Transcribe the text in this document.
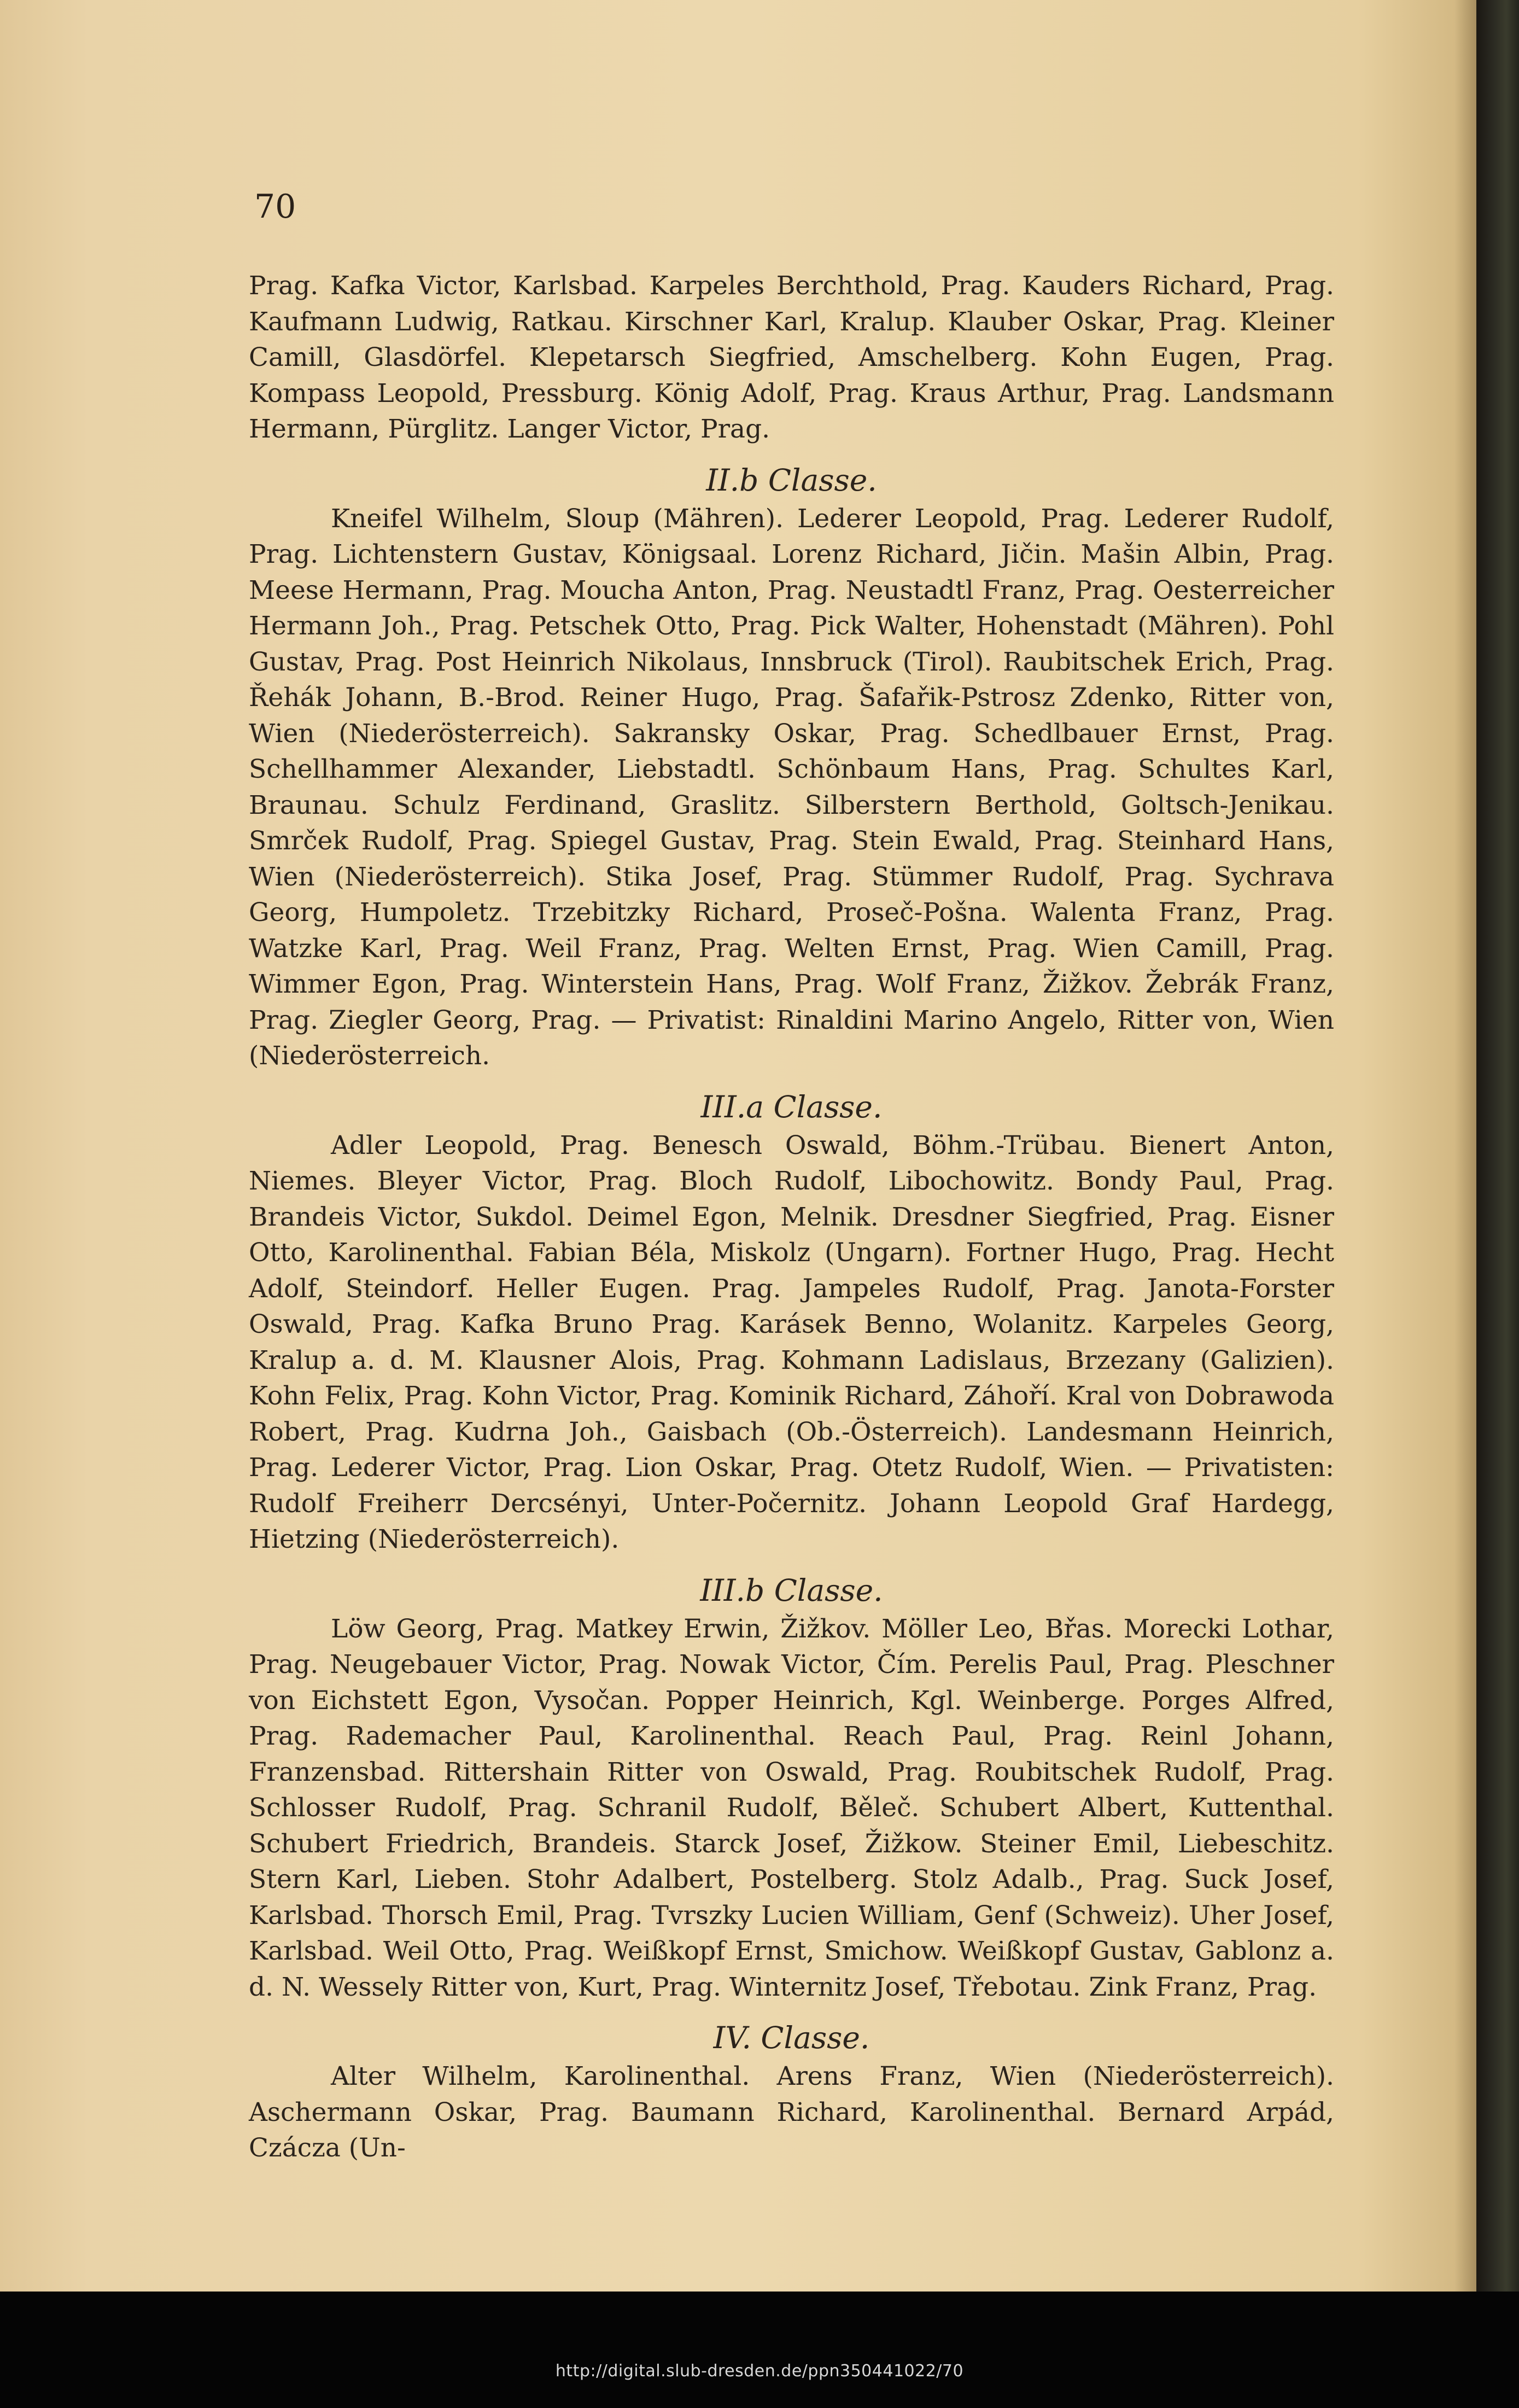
70

Prag. Kafka Victor, Karlsbad. Karpeles Berchthold, Prag. Kauders Richard, Prag. Kaufmann Ludwig, Ratkau. Kirschner Karl, Kralup. Klauber Oskar, Prag. Kleiner Camill, Glasdörfel. Klepetarsch Siegfried, Amschelberg. Kohn Eugen, Prag. Kompass Leopold, Pressburg. König Adolf, Prag. Kraus Arthur, Prag. Landsmann Hermann, Pürglitz. Langer Victor, Prag.

II.b Classe.

Kneifel Wilhelm, Sloup (Mähren). Lederer Leopold, Prag. Lederer Rudolf, Prag. Lichtenstern Gustav, Königsaal. Lorenz Richard, Jičin. Mašin Albin, Prag. Meese Hermann, Prag. Moucha Anton, Prag. Neustadtl Franz, Prag. Oesterreicher Hermann Joh., Prag. Petschek Otto, Prag. Pick Walter, Hohenstadt (Mähren). Pohl Gustav, Prag. Post Heinrich Nikolaus, Innsbruck (Tirol). Raubitschek Erich, Prag. Řehák Johann, B.-Brod. Reiner Hugo, Prag. Šafařik-Pstrosz Zdenko, Ritter von, Wien (Niederösterreich). Sakransky Oskar, Prag. Schedlbauer Ernst, Prag. Schellhammer Alexander, Liebstadtl. Schönbaum Hans, Prag. Schultes Karl, Braunau. Schulz Ferdinand, Graslitz. Silberstern Berthold, Goltsch-Jenikau. Smrček Rudolf, Prag. Spiegel Gustav, Prag. Stein Ewald, Prag. Steinhard Hans, Wien (Niederösterreich). Stika Josef, Prag. Stümmer Rudolf, Prag. Sychrava Georg, Humpoletz. Trzebitzky Richard, Proseč-Pošna. Walenta Franz, Prag. Watzke Karl, Prag. Weil Franz, Prag. Welten Ernst, Prag. Wien Camill, Prag. Wimmer Egon, Prag. Winterstein Hans, Prag. Wolf Franz, Žižkov. Žebrák Franz, Prag. Ziegler Georg, Prag. — Privatist: Rinaldini Marino Angelo, Ritter von, Wien (Niederösterreich.

III.a Classe.

Adler Leopold, Prag. Benesch Oswald, Böhm.-Trübau. Bienert Anton, Niemes. Bleyer Victor, Prag. Bloch Rudolf, Libochowitz. Bondy Paul, Prag. Brandeis Victor, Sukdol. Deimel Egon, Melnik. Dresdner Siegfried, Prag. Eisner Otto, Karolinenthal. Fabian Béla, Miskolz (Ungarn). Fortner Hugo, Prag. Hecht Adolf, Steindorf. Heller Eugen. Prag. Jampeles Rudolf, Prag. Janota-Forster Oswald, Prag. Kafka Bruno Prag. Karásek Benno, Wolanitz. Karpeles Georg, Kralup a. d. M. Klausner Alois, Prag. Kohmann Ladislaus, Brzezany (Galizien). Kohn Felix, Prag. Kohn Victor, Prag. Kominik Richard, Záhoří. Kral von Dobrawoda Robert, Prag. Kudrna Joh., Gaisbach (Ob.-Österreich). Landesmann Heinrich, Prag. Lederer Victor, Prag. Lion Oskar, Prag. Otetz Rudolf, Wien. — Privatisten: Rudolf Freiherr Dercsényi, Unter-Počernitz. Johann Leopold Graf Hardegg, Hietzing (Niederösterreich).

III.b Classe.

Löw Georg, Prag. Matkey Erwin, Žižkov. Möller Leo, Břas. Morecki Lothar, Prag. Neugebauer Victor, Prag. Nowak Victor, Čím. Perelis Paul, Prag. Pleschner von Eichstett Egon, Vysočan. Popper Heinrich, Kgl. Weinberge. Porges Alfred, Prag. Rademacher Paul, Karolinenthal. Reach Paul, Prag. Reinl Johann, Franzensbad. Rittershain Ritter von Oswald, Prag. Roubitschek Rudolf, Prag. Schlosser Rudolf, Prag. Schranil Rudolf, Běleč. Schubert Albert, Kuttenthal. Schubert Friedrich, Brandeis. Starck Josef, Žižkow. Steiner Emil, Liebeschitz. Stern Karl, Lieben. Stohr Adalbert, Postelberg. Stolz Adalb., Prag. Suck Josef, Karlsbad. Thorsch Emil, Prag. Tvrszky Lucien William, Genf (Schweiz). Uher Josef, Karlsbad. Weil Otto, Prag. Weißkopf Ernst, Smichow. Weißkopf Gustav, Gablonz a. d. N. Wessely Ritter von, Kurt, Prag. Winternitz Josef, Třebotau. Zink Franz, Prag.

IV. Classe.

Alter Wilhelm, Karolinenthal. Arens Franz, Wien (Niederösterreich). Aschermann Oskar, Prag. Baumann Richard, Karolinenthal. Bernard Arpád, Czácza (Un-

http://digital.slub-dresden.de/ppn350441022/70
